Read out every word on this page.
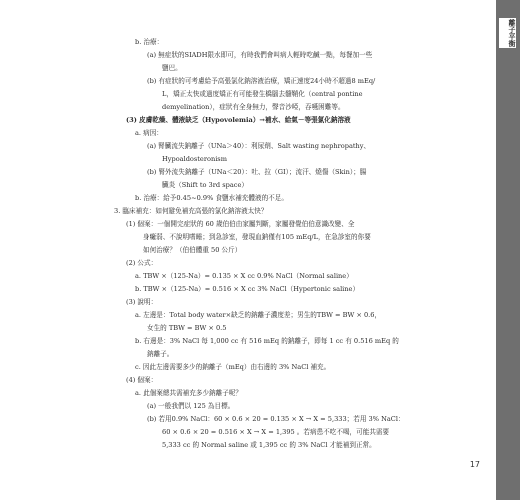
離子平衡
b. 治療：
(a) 無症狀的SIADH限水即可，有時我們會叫病人輕時吃鹹一點，每餐加一些
鹽巴。
(b) 有症狀的可考慮給予高張氯化鈉溶液治療，矯正速度24小時不超過8 mEq/
L，矯正太快或過度矯正有可能發生橋腦去髓鞘化（central pontine
demyelination），症狀有全身無力，聲音沙啞，吞嚥困難等。
(3) 皮膚乾燥、體液缺乏（Hypovolemia）→補水、給氣－等張氯化鈉溶液
a. 病因：
(a) 腎臟流失鈉離子（UNa＞40）：利尿劑、Salt wasting nephropathy、
Hypoaldosteronism
(b) 腎外流失鈉離子（UNa＜20）：吐、拉（GI）；流汗、燒傷（Skin）；腸
臟炎（Shift to 3rd space）
b. 治療：給予0.45~0.9% 食鹽水補充體液的不足。
3. 臨床補充：如何避免補充高張的氯化鈉溶液太快？
(1) 個案：一個開完症狀的 60 歲伯伯由家屬判斷，家屬發覺伯伯意識改變、全
身癱弱、不說明嗜睡；到急診室，發現血鈉僅有105 mEq/L，在急診室的你要
如何治療？（伯伯體重 50 公斤）
(2) 公式：
a. TBW ×（125-Na）= 0.135 × X cc 0.9% NaCl（Normal saline）
b. TBW ×（125-Na）= 0.516 × X cc 3% NaCl（Hypertonic saline）
(3) 說明：
a. 左邊是：Total body water×缺乏的鈉離子濃度差；男生的TBW = BW × 0.6，
女生的 TBW = BW × 0.5
b. 右邊是：3% NaCl 每 1,000 cc 有 516 mEq 的鈉離子，即每 1 cc 有 0.516 mEq 的
鈉離子。
c. 因此左邊需要多少的鈉離子（mEq）由右邊的 3% NaCl 補充。
(4) 個案：
a. 此個案總共需補充多少鈉離子呢？
(a) 一般我們以 125 為目標。
(b) 若用0.9% NaCl：60 × 0.6 × 20 = 0.135 × X → X = 5,333；若用 3% NaCl：
60 × 0.6 × 20 = 0.516 × X → X = 1,395 。若病患不吃不喝，可能共需要
5,333 cc 的 Normal saline 或 1,395 cc 的 3% NaCl 才能補到正常。
17
